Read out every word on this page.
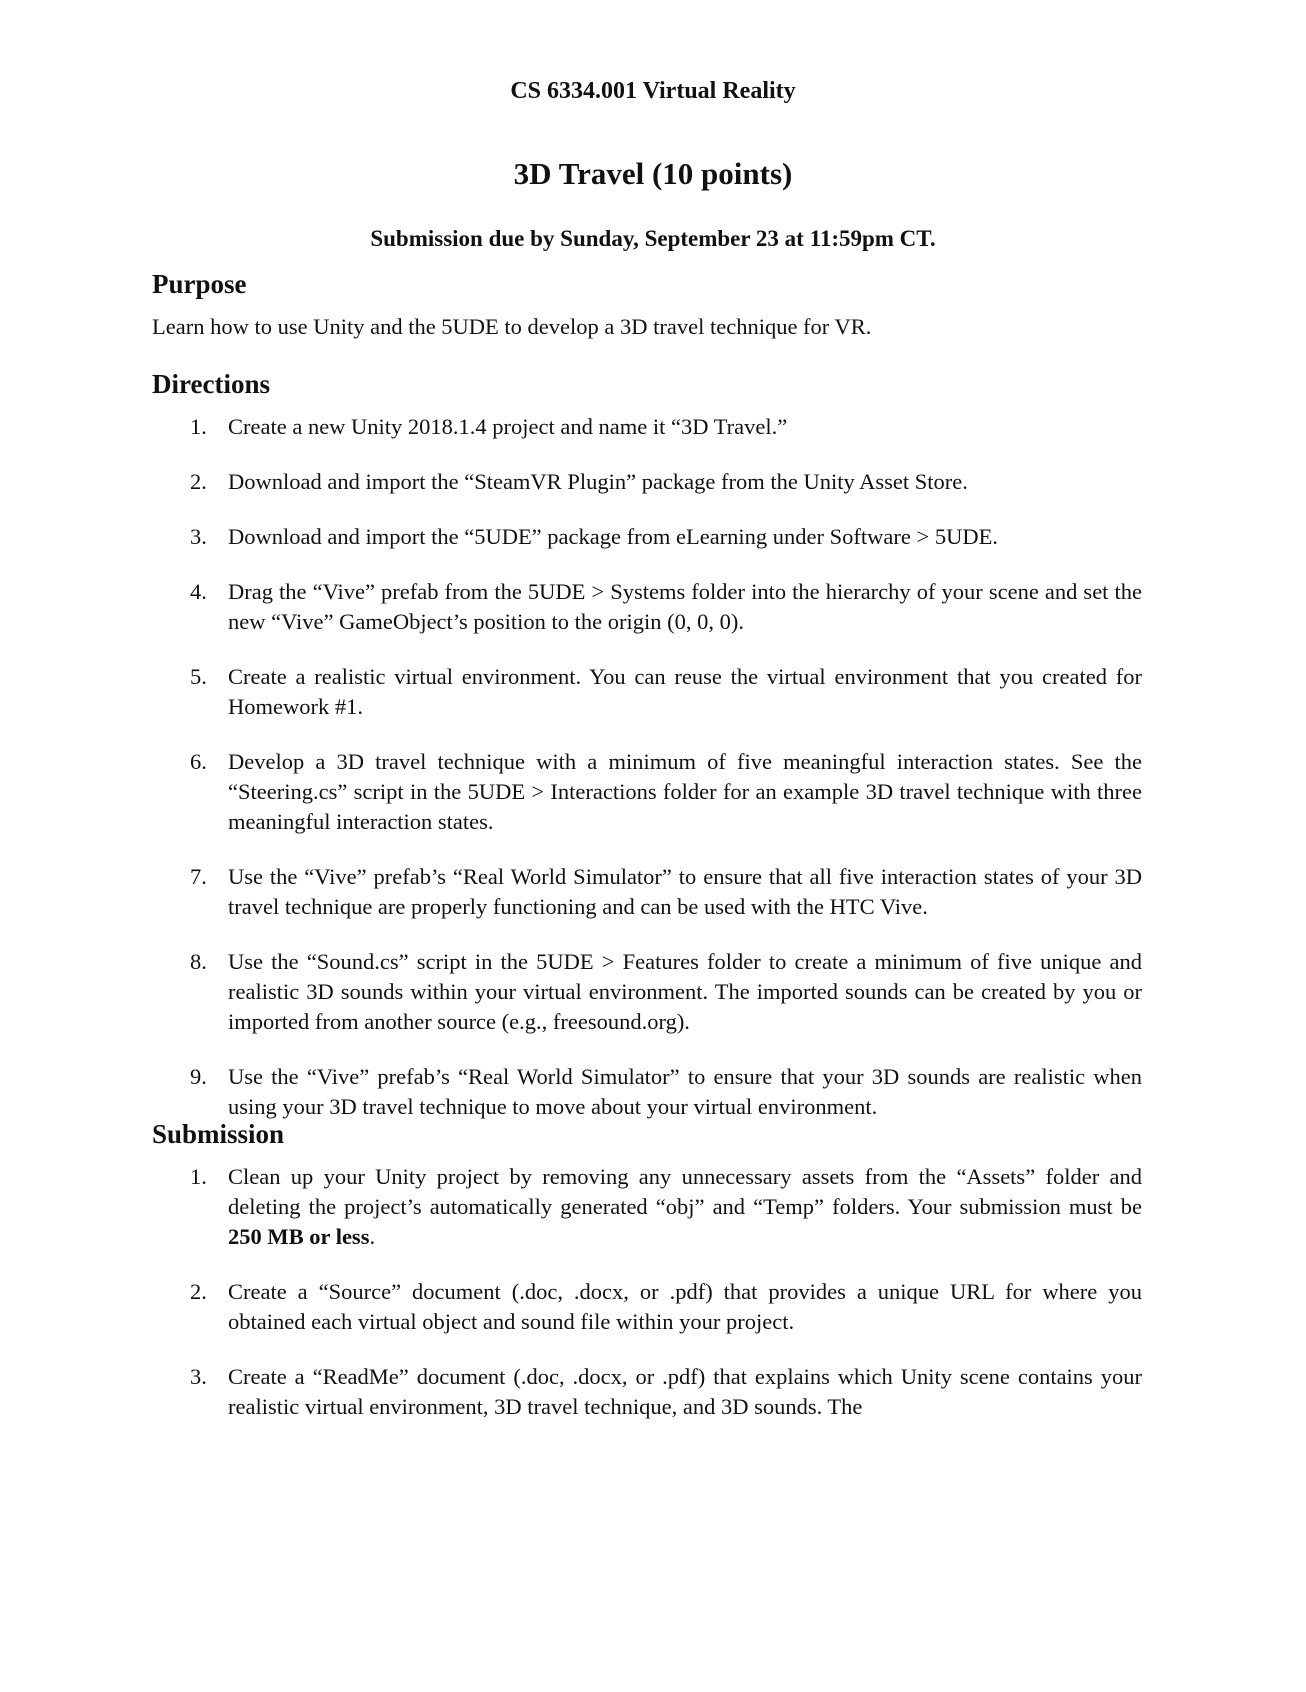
CS 6334.001 Virtual Reality
3D Travel (10 points)
Submission due by Sunday, September 23 at 11:59pm CT.
Purpose
Learn how to use Unity and the 5UDE to develop a 3D travel technique for VR.
Directions
1. Create a new Unity 2018.1.4 project and name it “3D Travel.”
2. Download and import the “SteamVR Plugin” package from the Unity Asset Store.
3. Download and import the “5UDE” package from eLearning under Software > 5UDE.
4. Drag the “Vive” prefab from the 5UDE > Systems folder into the hierarchy of your scene and set the new “Vive” GameObject’s position to the origin (0, 0, 0).
5. Create a realistic virtual environment. You can reuse the virtual environment that you created for Homework #1.
6. Develop a 3D travel technique with a minimum of five meaningful interaction states. See the “Steering.cs” script in the 5UDE > Interactions folder for an example 3D travel technique with three meaningful interaction states.
7. Use the “Vive” prefab’s “Real World Simulator” to ensure that all five interaction states of your 3D travel technique are properly functioning and can be used with the HTC Vive.
8. Use the “Sound.cs” script in the 5UDE > Features folder to create a minimum of five unique and realistic 3D sounds within your virtual environment. The imported sounds can be created by you or imported from another source (e.g., freesound.org).
9. Use the “Vive” prefab’s “Real World Simulator” to ensure that your 3D sounds are realistic when using your 3D travel technique to move about your virtual environment.
Submission
1. Clean up your Unity project by removing any unnecessary assets from the “Assets” folder and deleting the project’s automatically generated “obj” and “Temp” folders. Your submission must be 250 MB or less.
2. Create a “Source” document (.doc, .docx, or .pdf) that provides a unique URL for where you obtained each virtual object and sound file within your project.
3. Create a “ReadMe” document (.doc, .docx, or .pdf) that explains which Unity scene contains your realistic virtual environment, 3D travel technique, and 3D sounds. The
